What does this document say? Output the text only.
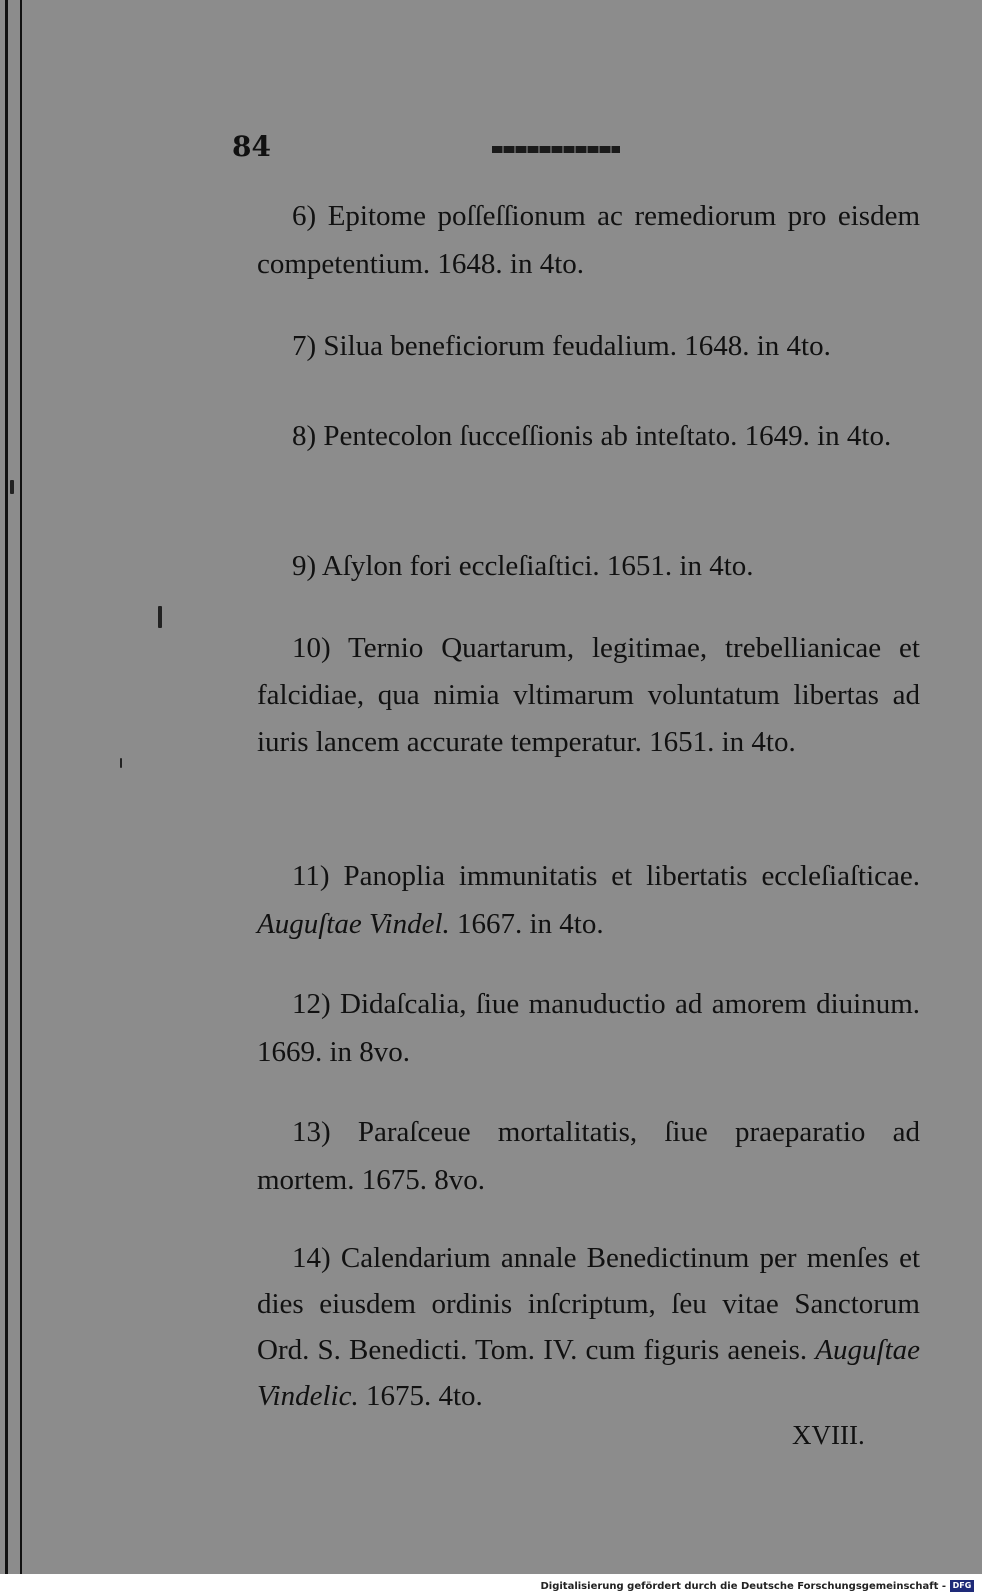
84

6) Epitome poſſeſſionum ac remediorum pro eisdem competentium. 1648. in 4to.

7) Silua beneficiorum feudalium. 1648. in 4to.

8) Pentecolon ſucceſſionis ab inteſtato. 1649. in 4to.

9) Aſylon fori eccleſiaſtici. 1651. in 4to.

10) Ternio Quartarum, legitimae, trebellianicae et falcidiae, qua nimia vltimarum voluntatum libertas ad iuris lancem accurate temperatur. 1651. in 4to.

11) Panoplia immunitatis et libertatis eccleſiaſticae. Auguſtae Vindel. 1667. in 4to.

12) Didaſcalia, ſiue manuductio ad amorem diuinum. 1669. in 8vo.

13) Paraſceue mortalitatis, ſiue praeparatio ad mortem. 1675. 8vo.

14) Calendarium annale Benedictinum per menſes et dies eiusdem ordinis inſcriptum, ſeu vitae Sanctorum Ord. S. Benedicti. Tom. IV. cum figuris aeneis. Auguſtae Vindelic. 1675. 4to.

XVIII.
Digitalisierung gefördert durch die Deutsche Forschungsgemeinschaft - DFG
